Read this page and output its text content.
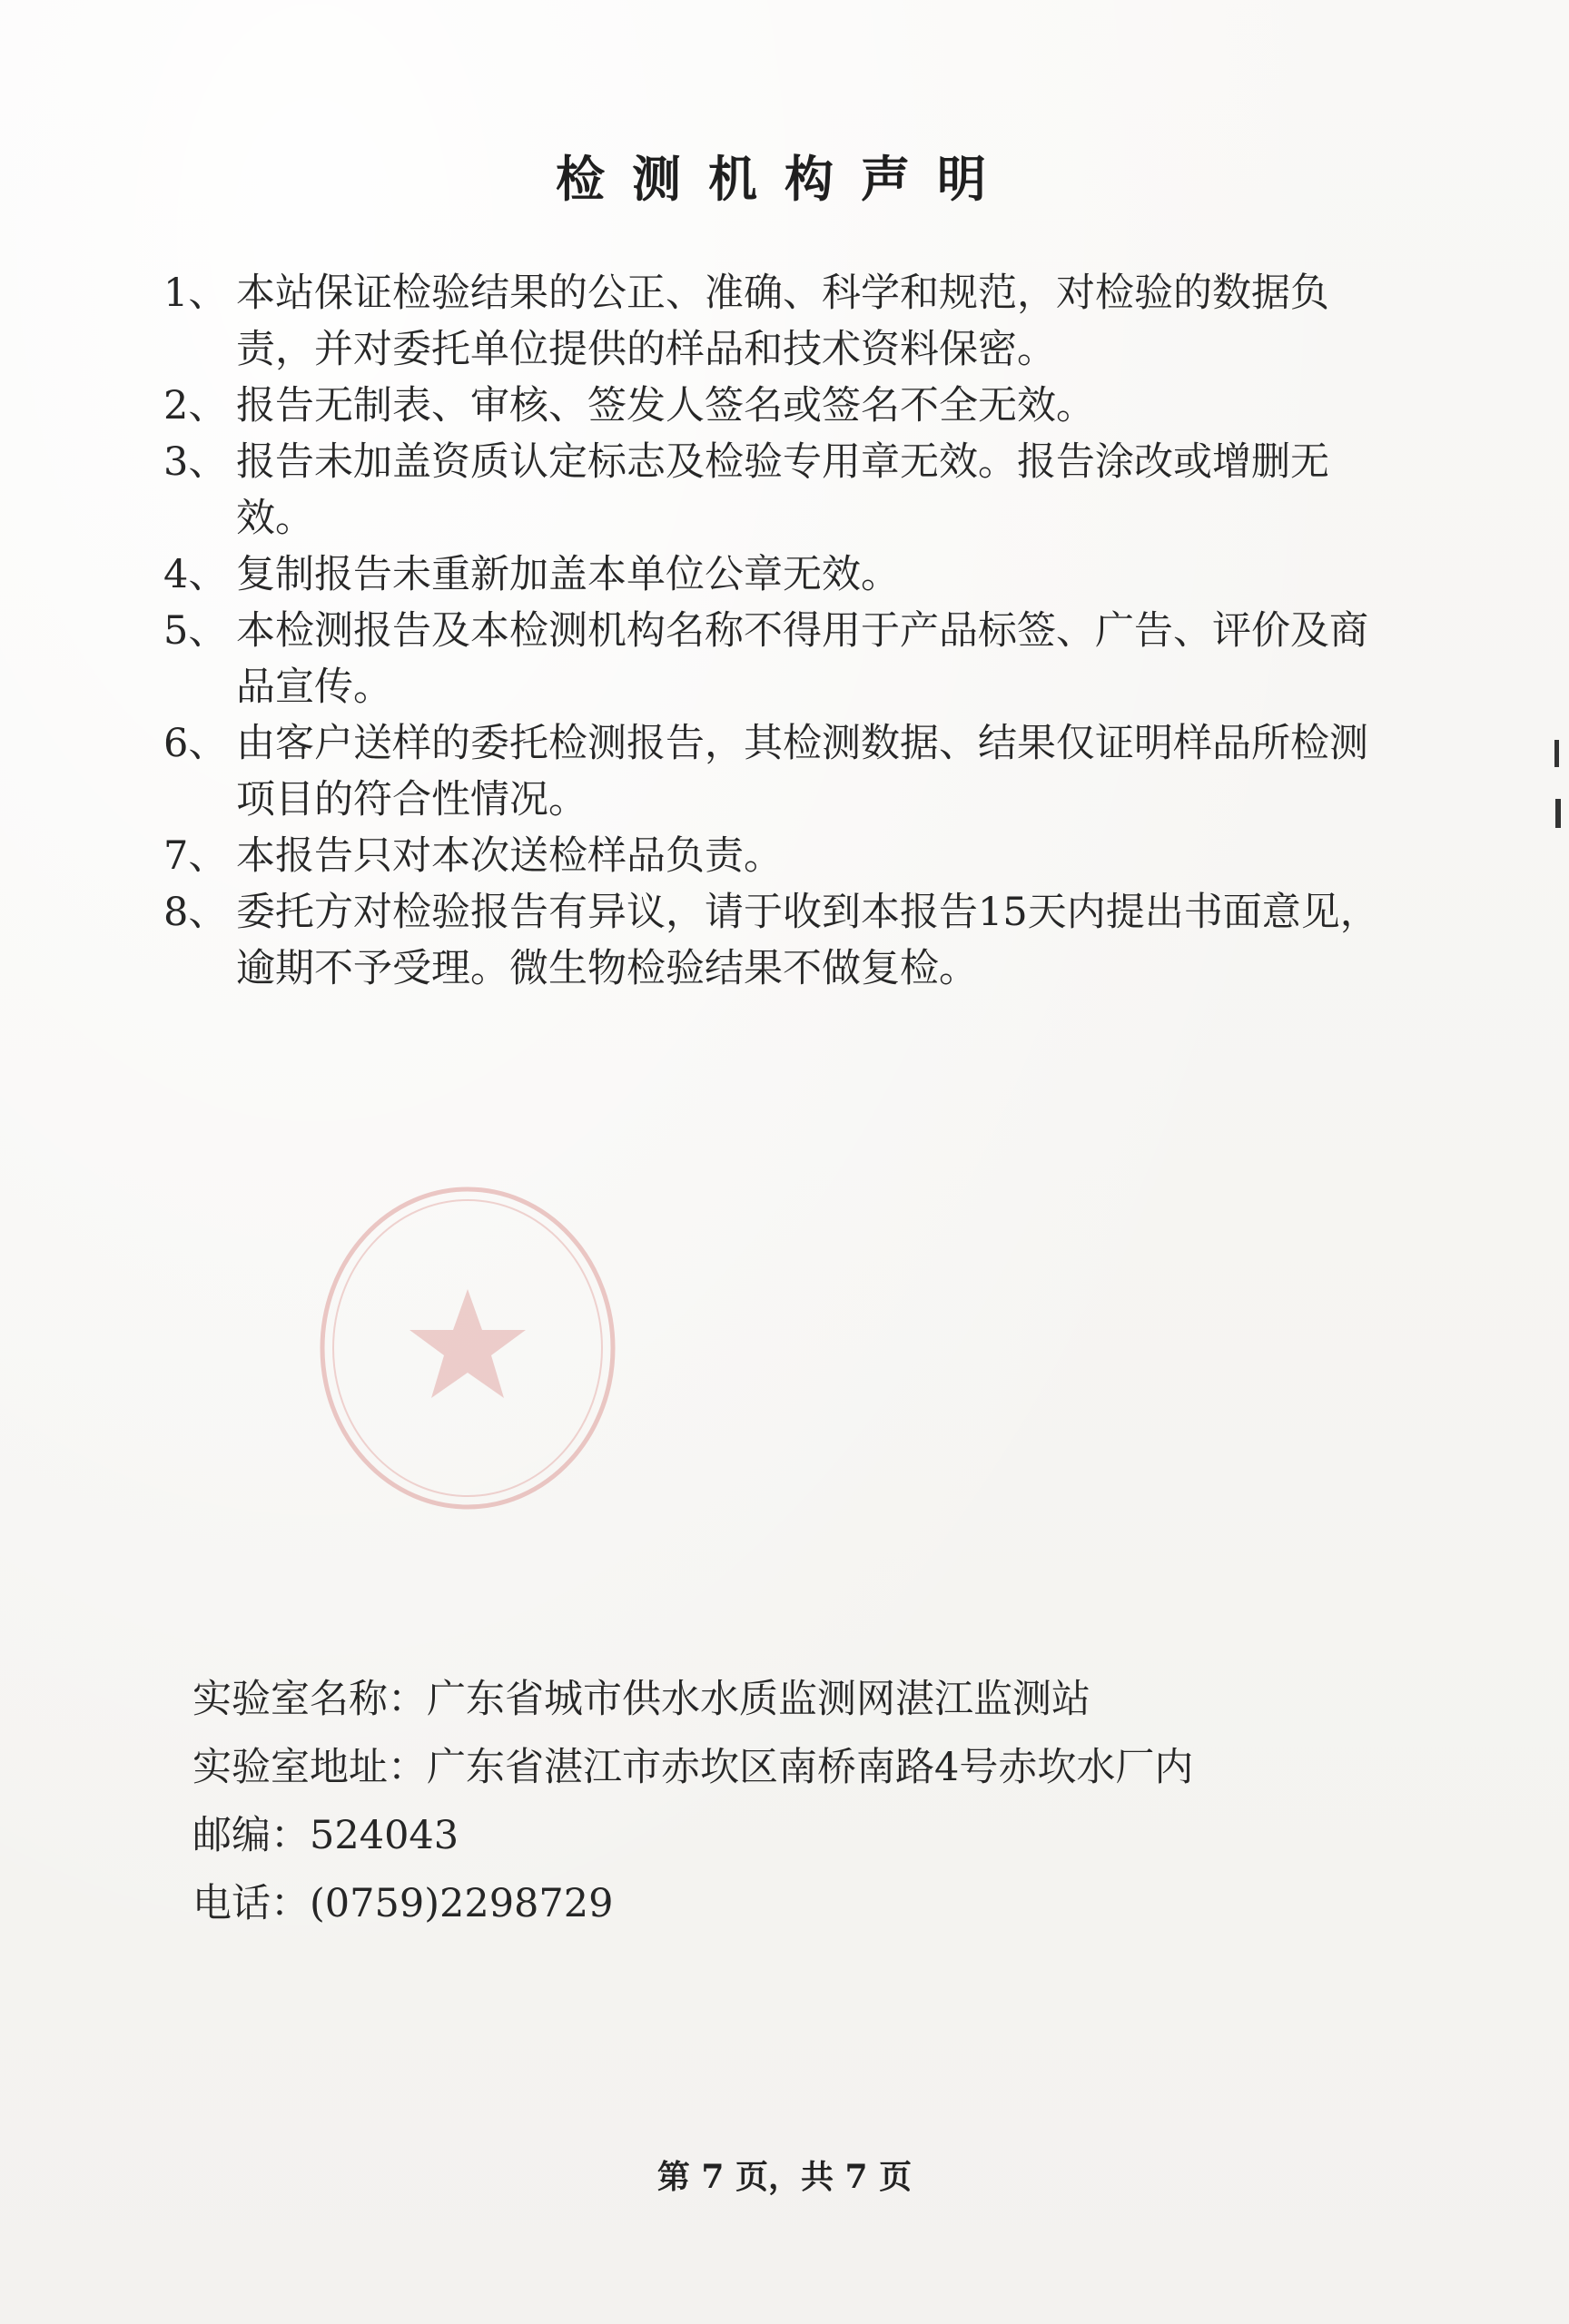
检测机构声明
1、 本站保证检验结果的公正、准确、科学和规范，对检验的数据负责，并对委托单位提供的样品和技术资料保密。
2、 报告无制表、审核、签发人签名或签名不全无效。
3、 报告未加盖资质认定标志及检验专用章无效。报告涂改或增删无效。
4、 复制报告未重新加盖本单位公章无效。
5、 本检测报告及本检测机构名称不得用于产品标签、广告、评价及商品宣传。
6、 由客户送样的委托检测报告，其检测数据、结果仅证明样品所检测项目的符合性情况。
7、 本报告只对本次送检样品负责。
8、 委托方对检验报告有异议，请于收到本报告15天内提出书面意见，逾期不予受理。微生物检验结果不做复检。
实验室名称： 广东省城市供水水质监测网湛江监测站
实验室地址： 广东省湛江市赤坎区南桥南路4号赤坎水厂内
邮编： 524043
电话： (0759)2298729
第 7 页，共 7 页
